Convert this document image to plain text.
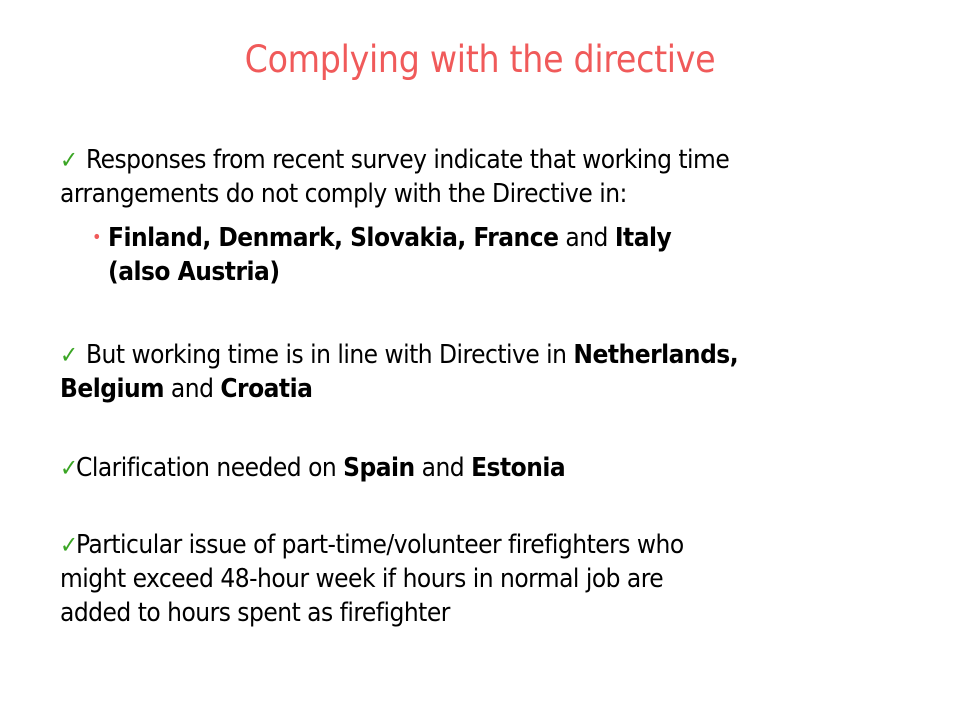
Complying with the directive
✓ Responses from recent survey indicate that working time
arrangements do not comply with the Directive in:
• Finland, Denmark, Slovakia, France and Italy
(also Austria)
✓ But working time is in line with Directive in Netherlands,
Belgium and Croatia
✓Clarification needed on Spain and Estonia
✓Particular issue of part-time/volunteer firefighters who
might exceed 48-hour week if hours in normal job are
added to hours spent as firefighter
